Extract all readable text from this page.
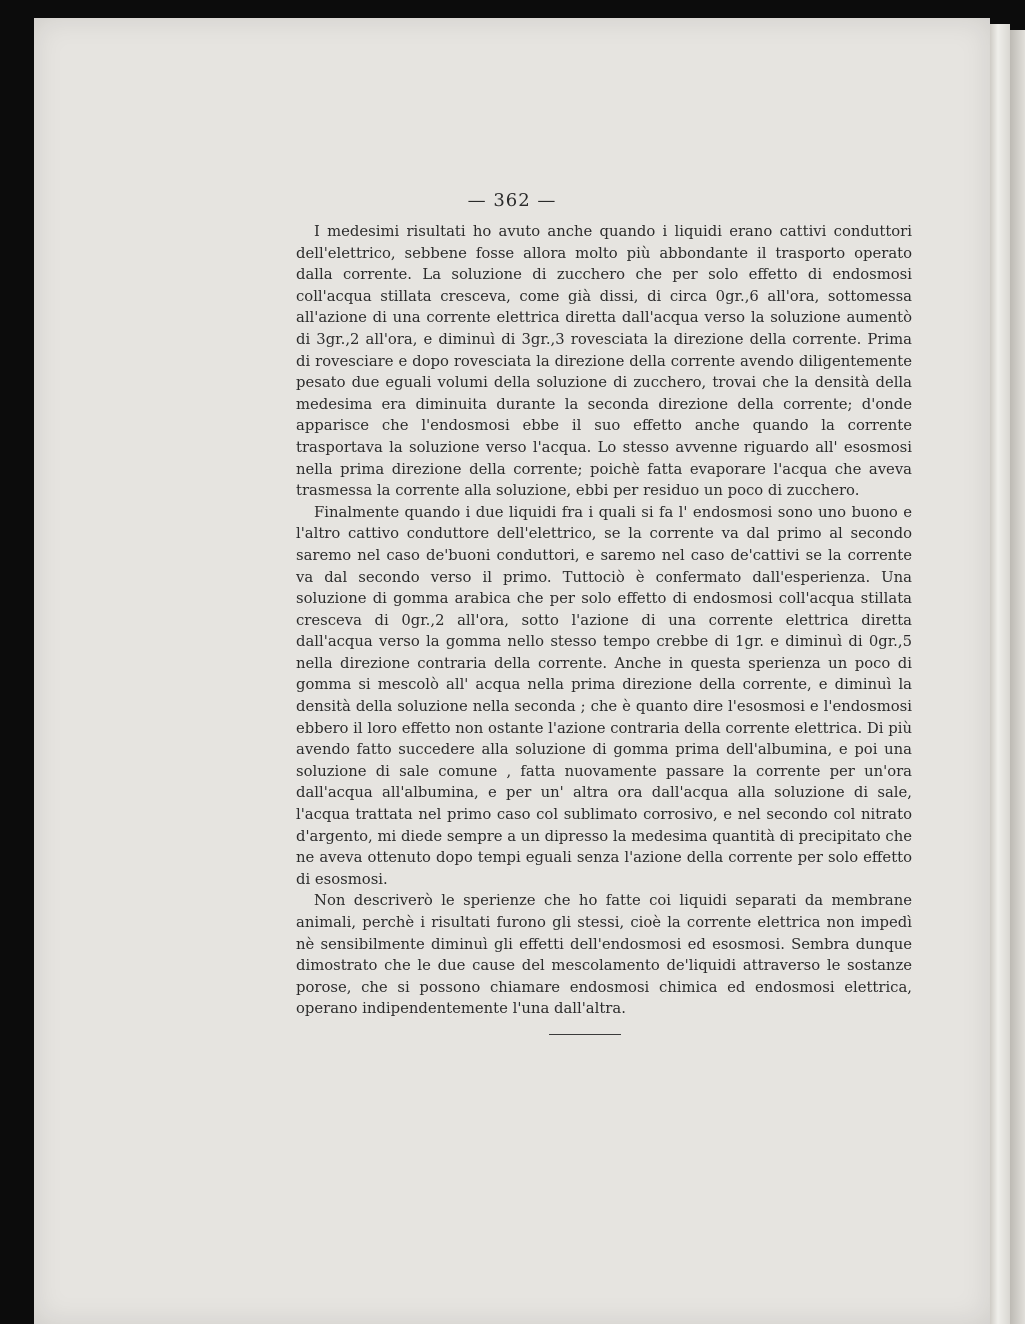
— 362 —

I medesimi risultati ho avuto anche quando i liquidi erano cattivi conduttori dell'elettrico, sebbene fosse allora molto più abbondante il trasporto operato dalla corrente. La soluzione di zucchero che per solo effetto di endosmosi coll'acqua stillata cresceva, come già dissi, di circa 0gr.,6 all'ora, sottomessa all'azione di una corrente elettrica diretta dall'acqua verso la soluzione aumentò di 3gr.,2 all'ora, e diminuì di 3gr.,3 rovesciata la direzione della corrente. Prima di rovesciare e dopo rovesciata la direzione della corrente avendo diligentemente pesato due eguali volumi della soluzione di zucchero, trovai che la densità della medesima era diminuita durante la seconda direzione della corrente; d'onde apparisce che l'endosmosi ebbe il suo effetto anche quando la corrente trasportava la soluzione verso l'acqua. Lo stesso avvenne riguardo all' esosmosi nella prima direzione della corrente; poichè fatta evaporare l'acqua che aveva trasmessa la corrente alla soluzione, ebbi per residuo un poco di zucchero.

Finalmente quando i due liquidi fra i quali si fa l' endosmosi sono uno buono e l'altro cattivo conduttore dell'elettrico, se la corrente va dal primo al secondo saremo nel caso de'buoni conduttori, e saremo nel caso de'cattivi se la corrente va dal secondo verso il primo. Tuttociò è confermato dall'esperienza. Una soluzione di gomma arabica che per solo effetto di endosmosi coll'acqua stillata cresceva di 0gr.,2 all'ora, sotto l'azione di una corrente elettrica diretta dall'acqua verso la gomma nello stesso tempo crebbe di 1gr. e diminuì di 0gr.,5 nella direzione contraria della corrente. Anche in questa sperienza un poco di gomma si mescolò all' acqua nella prima direzione della corrente, e diminuì la densità della soluzione nella seconda ; che è quanto dire l'esosmosi e l'endosmosi ebbero il loro effetto non ostante l'azione contraria della corrente elettrica. Di più avendo fatto succedere alla soluzione di gomma prima dell'albumina, e poi una soluzione di sale comune , fatta nuovamente passare la corrente per un'ora dall'acqua all'albumina, e per un' altra ora dall'acqua alla soluzione di sale, l'acqua trattata nel primo caso col sublimato corrosivo, e nel secondo col nitrato d'argento, mi diede sempre a un dipresso la medesima quantità di precipitato che ne aveva ottenuto dopo tempi eguali senza l'azione della corrente per solo effetto di esosmosi.

Non descriverò le sperienze che ho fatte coi liquidi separati da membrane animali, perchè i risultati furono gli stessi, cioè la corrente elettrica non impedì nè sensibilmente diminuì gli effetti dell'endosmosi ed esosmosi. Sembra dunque dimostrato che le due cause del mescolamento de'liquidi attraverso le sostanze porose, che si possono chiamare endosmosi chimica ed endosmosi elettrica, operano indipendentemente l'una dall'altra.
